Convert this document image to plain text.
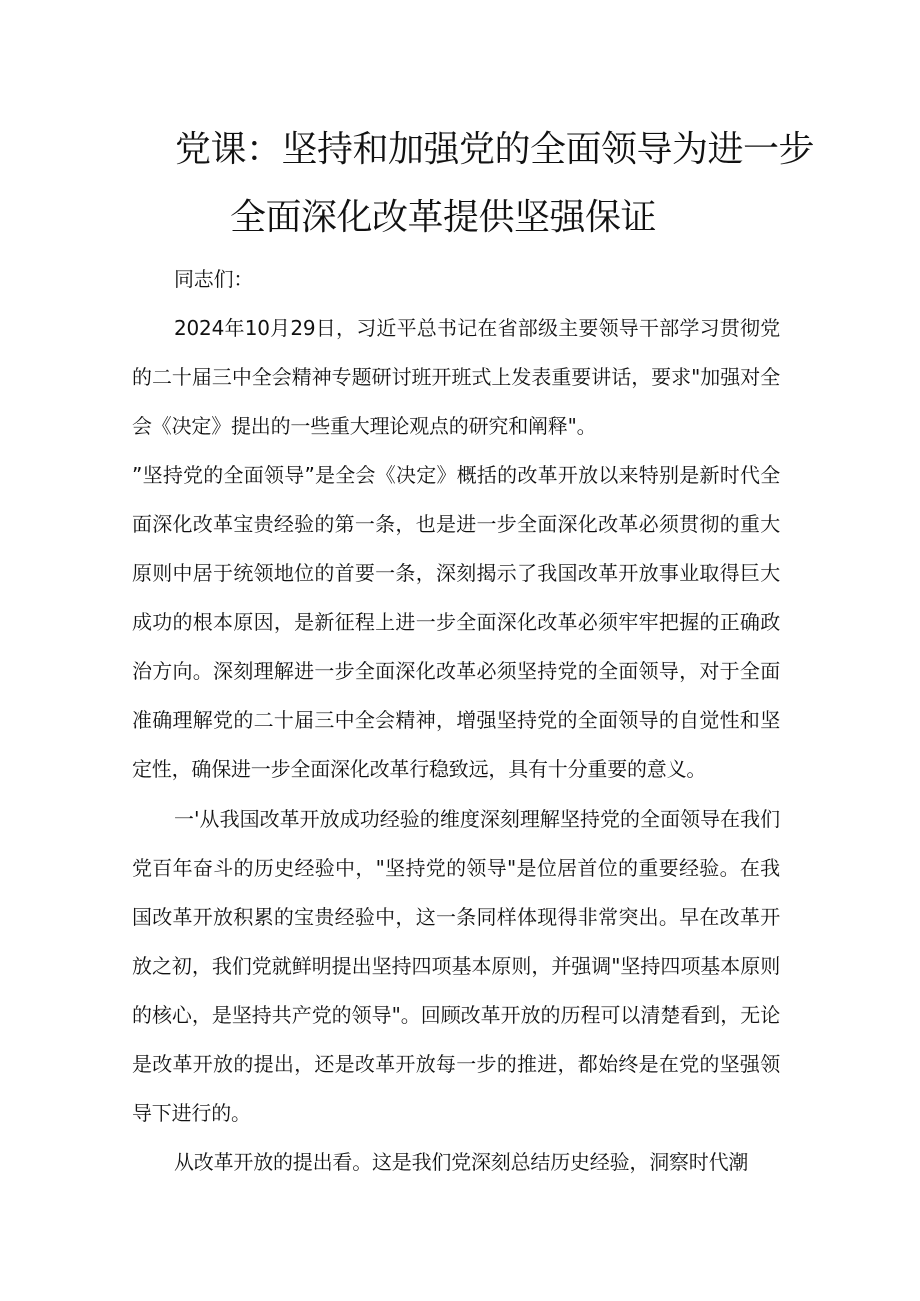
党课：坚持和加强党的全面领导为进一步
全面深化改革提供坚强保证

同志们：

2024年10月29日，习近平总书记在省部级主要领导干部学习贯彻党的二十届三中全会精神专题研讨班开班式上发表重要讲话，要求"加强对全会《决定》提出的一些重大理论观点的研究和阐释"。

”坚持党的全面领导”是全会《决定》概括的改革开放以来特别是新时代全面深化改革宝贵经验的第一条，也是进一步全面深化改革必须贯彻的重大原则中居于统领地位的首要一条，深刻揭示了我国改革开放事业取得巨大成功的根本原因，是新征程上进一步全面深化改革必须牢牢把握的正确政治方向。深刻理解进一步全面深化改革必须坚持党的全面领导，对于全面准确理解党的二十届三中全会精神，增强坚持党的全面领导的自觉性和坚定性，确保进一步全面深化改革行稳致远，具有十分重要的意义。

一'从我国改革开放成功经验的维度深刻理解坚持党的全面领导在我们党百年奋斗的历史经验中，"坚持党的领导"是位居首位的重要经验。在我国改革开放积累的宝贵经验中，这一条同样体现得非常突出。早在改革开放之初，我们党就鲜明提出坚持四项基本原则，并强调"坚持四项基本原则的核心，是坚持共产党的领导"。回顾改革开放的历程可以清楚看到，无论是改革开放的提出，还是改革开放每一步的推进，都始终是在党的坚强领导下进行的。

从改革开放的提出看。这是我们党深刻总结历史经验，洞察时代潮
